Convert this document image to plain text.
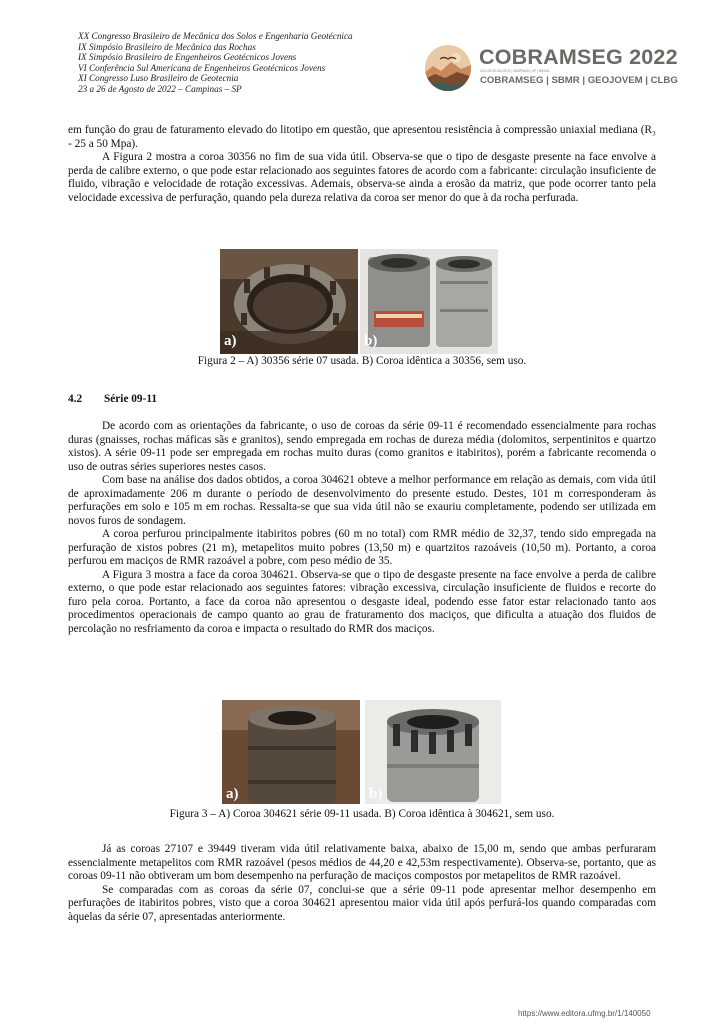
XX Congresso Brasileiro de Mecânica dos Solos e Engenharia Geotécnica
IX Simpósio Brasileiro de Mecânica das Rochas
IX Simpósio Brasileiro de Engenheiros Geotécnicos Jovens
VI Conferência Sul Americana de Engenheiros Geotécnicos Jovens
XI Congresso Luso Brasileiro de Geotecnia
23 a 26 de Agosto de 2022 – Campinas – SP
COBRAMSEG 2022
23 A 26 DE AGOSTO | CAMPINAS | SP | BRASIL
COBRAMSEG | SBMR | GEOJOVEM | CLBG

em função do grau de faturamento elevado do litotipo em questão, que apresentou resistência à compressão uniaxial mediana (R₃ - 25 a 50 Mpa).

A Figura 2 mostra a coroa 30356 no fim de sua vida útil. Observa-se que o tipo de desgaste presente na face envolve a perda de calibre externo, o que pode estar relacionado aos seguintes fatores de acordo com a fabricante: circulação insuficiente de fluido, vibração e velocidade de rotação excessivas. Ademais, observa-se ainda a erosão da matriz, que pode ocorrer tanto pela velocidade excessiva de perfuração, quando pela dureza relativa da coroa ser menor do que à da rocha perfurada.

a)	b)
Figura 2 – A) 30356 série 07 usada. B) Coroa idêntica a 30356, sem uso.
4.2 Série 09-11

De acordo com as orientações da fabricante, o uso de coroas da série 09-11 é recomendado essencialmente para rochas duras (gnaisses, rochas máficas sãs e granitos), sendo empregada em rochas de dureza média (dolomitos, serpentinitos e quartzo xistos). A série 09-11 pode ser empregada em rochas muito duras (como granitos e itabiritos), porém a fabricante recomenda o uso de outras séries superiores nestes casos.

Com base na análise dos dados obtidos, a coroa 304621 obteve a melhor performance em relação as demais, com vida útil de aproximadamente 206 m durante o período de desenvolvimento do presente estudo. Destes, 101 m corresponderam às perfurações em solo e 105 m em rochas. Ressalta-se que sua vida útil não se exauriu completamente, podendo ser utilizada em novos furos de sondagem.

A coroa perfurou principalmente itabiritos pobres (60 m no total) com RMR médio de 32,37, tendo sido empregada na perfuração de xistos pobres (21 m), metapelitos muito pobres (13,50 m) e quartzitos razoáveis (10,50 m). Portanto, a coroa perfurou em maciços de RMR razoável a pobre, com peso médio de 35.

A Figura 3 mostra a face da coroa 304621. Observa-se que o tipo de desgaste presente na face envolve a perda de calibre externo, o que pode estar relacionado aos seguintes fatores: vibração excessiva, circulação insuficiente de fluidos e recorte do furo pela coroa. Portanto, a face da coroa não apresentou o desgaste ideal, podendo esse fator estar relacionado tanto aos procedimentos operacionais de campo quanto ao grau de fraturamento dos maciços, que dificulta a atuação dos fluidos de percolação no resfriamento da coroa e impacta o resultado do RMR dos maciços.

a)	b)
Figura 3 – A) Coroa 304621 série 09-11 usada. B) Coroa idêntica à 304621, sem uso.

Já as coroas 27107 e 39449 tiveram vida útil relativamente baixa, abaixo de 15,00 m, sendo que ambas perfuraram essencialmente metapelitos com RMR razoável (pesos médios de 44,20 e 42,53m respectivamente). Observa-se, portanto, que as coroas 09-11 não obtiveram um bom desempenho na perfuração de maciços compostos por metapelitos de RMR razoável.

Se comparadas com as coroas da série 07, conclui-se que a série 09-11 pode apresentar melhor desempenho em perfurações de itabiritos pobres, visto que a coroa 304621 apresentou maior vida útil após perfurá-los quando comparadas com àquelas da série 07, apresentadas anteriormente.

https://www.editora.ufmg.br/1/140050
